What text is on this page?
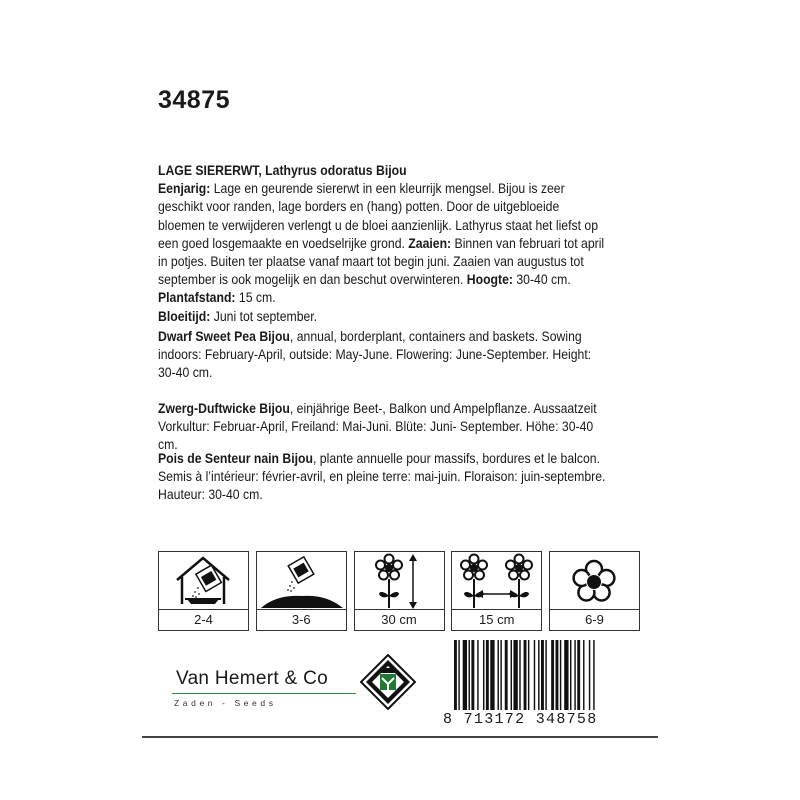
34875

LAGE SIERERWT, Lathyrus odoratus Bijou
Eenjarig: Lage en geurende siererwt in een kleurrijk mengsel. Bijou is zeer geschikt voor randen, lage borders en (hang) potten. Door de uitgebloeide bloemen te verwijderen verlengt u de bloei aanzienlijk. Lathyrus staat het liefst op een goed losgemaakte en voedselrijke grond. Zaaien: Binnen van februari tot april in potjes. Buiten ter plaatse vanaf maart tot begin juni. Zaaien van augustus tot september is ook mogelijk en dan beschut overwinteren. Hoogte: 30-40 cm. Plantafstand: 15 cm.
Bloeitijd: Juni tot september.

Dwarf Sweet Pea Bijou, annual, borderplant, containers and baskets. Sowing indoors: February-April, outside: May-June. Flowering: June-September. Height: 30-40 cm.

Zwerg-Duftwicke Bijou, einjährige Beet-, Balkon und Ampelpflanze. Aussaatzeit Vorkultur: Februar-April, Freiland: Mai-Juni. Blüte: Juni- September. Höhe: 30-40 cm.

Pois de Senteur nain Bijou, plante annuelle pour massifs, bordures et le balcon. Semis à l’intérieur: février-avril, en pleine terre: mai-juin. Floraison: juin-septembre. Hauteur: 30-40 cm.

2-4	3-6	30 cm	15 cm	6-9
Van Hemert & Co
Zaden - Seeds
8 713172 348758
